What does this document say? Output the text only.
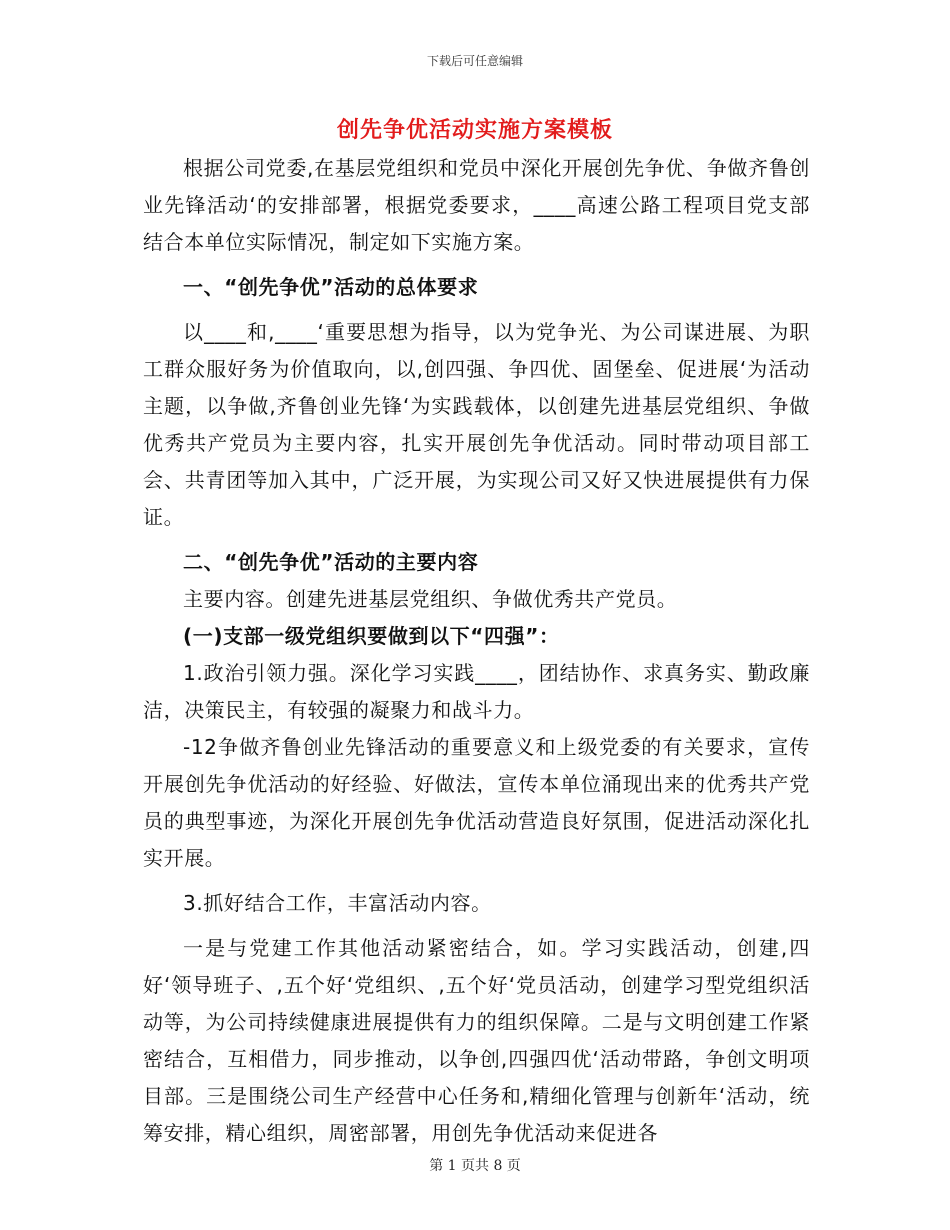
下载后可任意编辑
创先争优活动实施方案模板

根据公司党委,在基层党组织和党员中深化开展创先争优、争做齐鲁创业先锋活动‘的安排部署，根据党委要求，____高速公路工程项目党支部结合本单位实际情况，制定如下实施方案。

一、“创先争优”活动的总体要求

以____和,____‘重要思想为指导，以为党争光、为公司谋进展、为职工群众服好务为价值取向，以,创四强、争四优、固堡垒、促进展‘为活动主题，以争做,齐鲁创业先锋‘为实践载体，以创建先进基层党组织、争做优秀共产党员为主要内容，扎实开展创先争优活动。同时带动项目部工会、共青团等加入其中，广泛开展，为实现公司又好又快进展提供有力保证。

二、“创先争优”活动的主要内容

主要内容。创建先进基层党组织、争做优秀共产党员。

(一)支部一级党组织要做到以下“四强”：

1.政治引领力强。深化学习实践____，团结协作、求真务实、勤政廉洁，决策民主，有较强的凝聚力和战斗力。

-12争做齐鲁创业先锋活动的重要意义和上级党委的有关要求，宣传开展创先争优活动的好经验、好做法，宣传本单位涌现出来的优秀共产党员的典型事迹，为深化开展创先争优活动营造良好氛围，促进活动深化扎实开展。

3.抓好结合工作，丰富活动内容。

一是与党建工作其他活动紧密结合，如。学习实践活动，创建,四好‘领导班子、,五个好‘党组织、,五个好‘党员活动，创建学习型党组织活动等，为公司持续健康进展提供有力的组织保障。二是与文明创建工作紧密结合，互相借力，同步推动，以争创,四强四优‘活动带路，争创文明项目部。三是围绕公司生产经营中心任务和,精细化管理与创新年‘活动，统筹安排，精心组织，周密部署，用创先争优活动来促进各

第 1 页共 8 页
